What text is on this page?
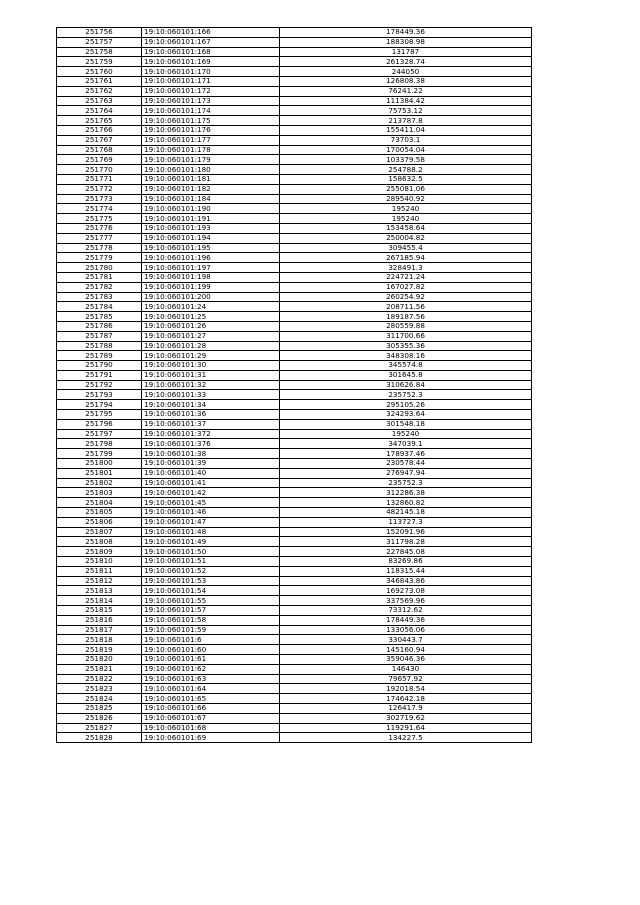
251756	19:10:060101:166	178449.36
251757	19:10:060101:167	188308.98
251758	19:10:060101:168	131787
251759	19:10:060101:169	261328.74
251760	19:10:060101:170	244050
251761	19:10:060101:171	126808.38
251762	19:10:060101:172	76241.22
251763	19:10:060101:173	111384.42
251764	19:10:060101:174	75753.12
251765	19:10:060101:175	213787.8
251766	19:10:060101:176	155411.04
251767	19:10:060101:177	73703.1
251768	19:10:060101:178	170054.04
251769	19:10:060101:179	103379.58
251770	19:10:060101:180	254788.2
251771	19:10:060101:181	158632.5
251772	19:10:060101:182	255081.06
251773	19:10:060101:184	289540.92
251774	19:10:060101:190	195240
251775	19:10:060101:191	195240
251776	19:10:060101:193	153458.64
251777	19:10:060101:194	250004.82
251778	19:10:060101:195	309455.4
251779	19:10:060101:196	267185.94
251780	19:10:060101:197	328491.3
251781	19:10:060101:198	224721.24
251782	19:10:060101:199	167027.82
251783	19:10:060101:200	260254.92
251784	19:10:060101:24	208711.56
251785	19:10:060101:25	189187.56
251786	19:10:060101:26	280559.88
251787	19:10:060101:27	311700.66
251788	19:10:060101:28	305355.36
251789	19:10:060101:29	348308.16
251790	19:10:060101:30	345574.8
251791	19:10:060101:31	301645.8
251792	19:10:060101:32	310626.84
251793	19:10:060101:33	235752.3
251794	19:10:060101:34	295105.26
251795	19:10:060101:36	324293.64
251796	19:10:060101:37	301548.18
251797	19:10:060101:372	195240
251798	19:10:060101:376	347039.1
251799	19:10:060101:38	178937.46
251800	19:10:060101:39	230578.44
251801	19:10:060101:40	276947.94
251802	19:10:060101:41	235752.3
251803	19:10:060101:42	312286.38
251804	19:10:060101:45	132860.82
251805	19:10:060101:46	482145.18
251806	19:10:060101:47	113727.3
251807	19:10:060101:48	152091.96
251808	19:10:060101:49	311798.28
251809	19:10:060101:50	227845.08
251810	19:10:060101:51	83269.86
251811	19:10:060101:52	118315.44
251812	19:10:060101:53	346843.86
251813	19:10:060101:54	169273.08
251814	19:10:060101:55	337569.96
251815	19:10:060101:57	73312.62
251816	19:10:060101:58	178449.36
251817	19:10:060101:59	133056.06
251818	19:10:060101:6	330443.7
251819	19:10:060101:60	145160.94
251820	19:10:060101:61	359046.36
251821	19:10:060101:62	146430
251822	19:10:060101:63	79657.92
251823	19:10:060101:64	192018.54
251824	19:10:060101:65	174642.18
251825	19:10:060101:66	126417.9
251826	19:10:060101:67	302719.62
251827	19:10:060101:68	119291.64
251828	19:10:060101:69	134227.5
